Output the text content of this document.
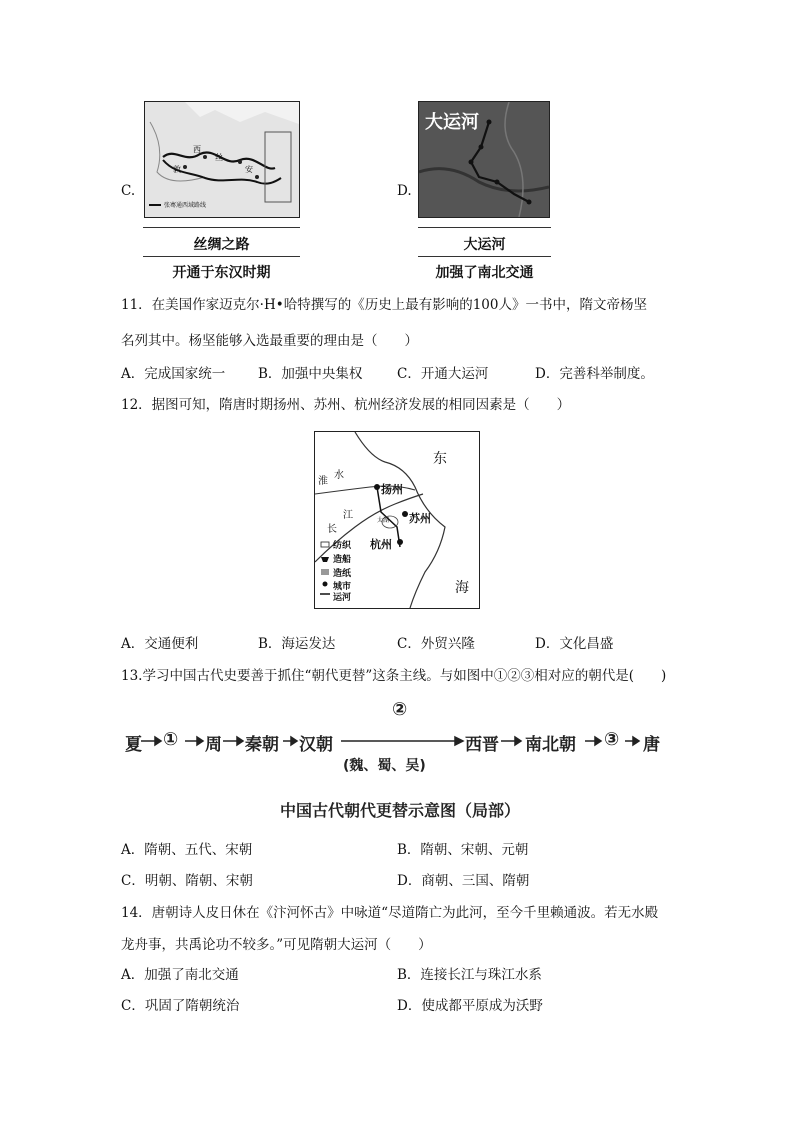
C.
西
丝
敦	安
张骞通西域路线
丝绸之路
开通于东汉时期
D.
大运河
大运河
加强了南北交通
11．在美国作家迈克尔·H•哈特撰写的《历史上最有影响的100人》一书中，隋文帝杨坚
名列其中。杨坚能够入选最重要的理由是（　　）
A．完成国家统一 B．加强中央集权	C．开通大运河	D．完善科举制度。
12．据图可知，隋唐时期扬州、苏州、杭州经济发展的相同因素是（　　）
东
海
淮
水
长
江
扬州
苏州
杭州
太湖
纺织
造船
造纸
城市
运河
A．交通便利	B．海运发达	C．外贸兴隆	D．文化昌盛
13.学习中国古代史要善于抓住“朝代更替”这条主线。与如图中①②③相对应的朝代是(　　)
夏 ① 周 秦朝 汉朝
②
(魏、蜀、吴)
西晋 南北朝 ③ 唐
中国古代朝代更替示意图（局部）
A．隋朝、五代、宋朝	B．隋朝、宋朝、元朝
C．明朝、隋朝、宋朝	D．商朝、三国、隋朝
14．唐朝诗人皮日休在《汴河怀古》中咏道“尽道隋亡为此河，至今千里赖通波。若无水殿
龙舟事，共禹论功不较多。”可见隋朝大运河（　　）
A．加强了南北交通	B．连接长江与珠江水系
C．巩固了隋朝统治	D．使成都平原成为沃野
